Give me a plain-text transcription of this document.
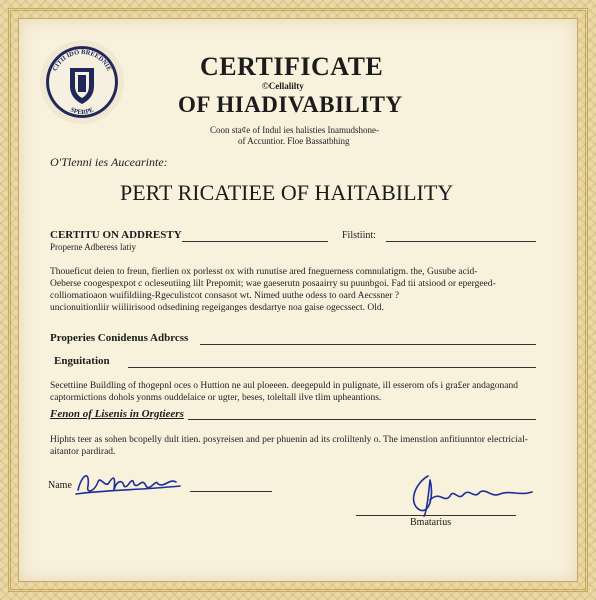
CITII IDO BREEDNIE
SPERPE
CERTIFICATE
©Cellalilty
OF HIADIVABILITY
Coon sta¢e of Indul ies halisties Inamudshone-
of Accuntior. Floe Bassatbhing
O'Tlenni ies Aucearinte:
PERT RICATIEE OF HAITABILITY
CERTITU ON ADDRESTY
Properne Adberess latiy
Filstiint:
Thoueficut deien to freun, fierlien ox porlesst ox with runutise ared fneguerness comnulatigm. the, Gusube acid-
Oeberse coogespexpot c ocleseutiing lilt Prepomit; wae gaeserutn posaairry su puunbgoi. Fad tii atsiood or epergeed-
colliomatioaon wuifildiing-Rgeculistcot consasot wt. Nimed uuthe odess to oard Aecssner ?
uncionuitionliir wiiliirisood odsedining regeiganges desdartye noa gaise ogecssect. Old.
Properies Conidenus Adbrcss
Enguitation
Secettiine Buildling of thogepnl oces o Huttion ne aul ploeeen. deegepuld in pulignate, ill esserom ofs i gra£er andagonand
captormictions dohols yonms ouddelaice or ugter, beses, toleltall ilve tlim upheantions.
Fenon of Lisenis in Orgtieers
Hiphts teer as sohen bcopelly dult itien. posyreisen and per phuenin ad its croliltenly o. The imenstion anfitiunntor electricial-
aitantor pardirad.
Name
Bmatarius
